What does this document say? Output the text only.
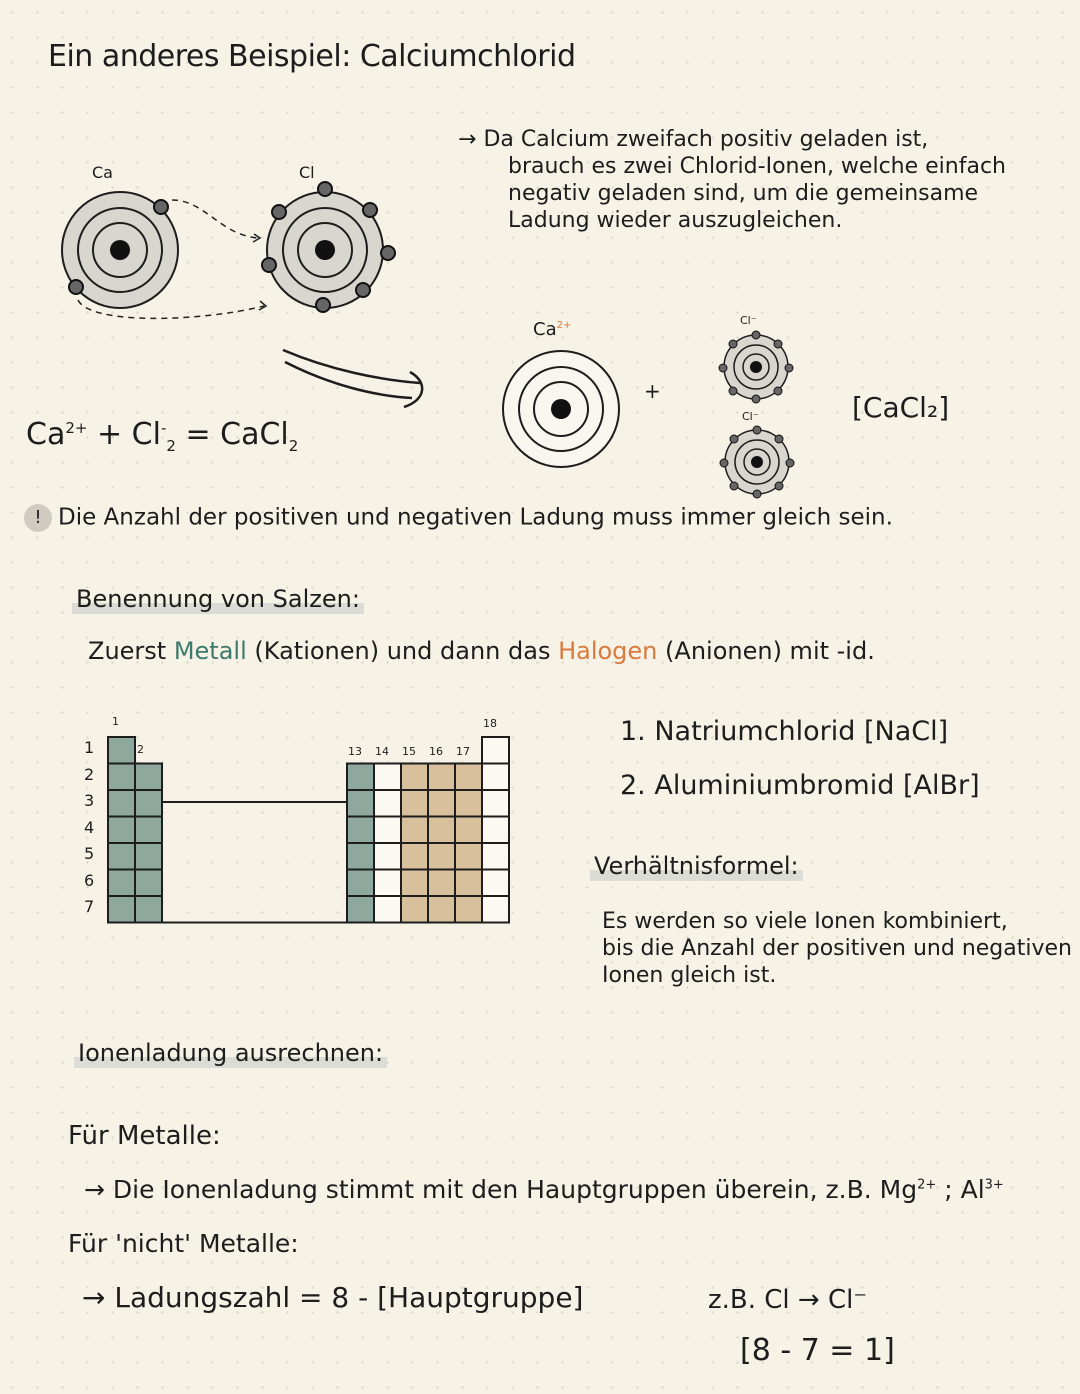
Ein anderes Beispiel: Calciumchlorid
Ca	Cl
→ Da Calcium zweifach positiv geladen ist,
brauch es zwei Chlorid-Ionen, welche einfach
negativ geladen sind, um die gemeinsame
Ladung wieder auszugleichen.
$Ca^{2+}$
+
Cl⁻
Cl⁻	[CaCl₂]
$Ca^{2+} + Cl^-_2$ = CaCl$_2$
! Die Anzahl der positiven und negativen Ladung muss immer gleich sein.
Benennung von Salzen:
Zuerst Metall (Kationen) und dann das Halogen (Anionen) mit -id.
1
2
3
4
5
6
7
1
2	13 14 15 16 17
18	1. Natriumchlorid [NaCl]
2. Aluminiumbromid [AlBr]
Verhältnisformel:
Es werden so viele Ionen kombiniert,
bis die Anzahl der positiven und negativen
Ionen gleich ist.
Ionenladung ausrechnen:
Für Metalle:
→ Die Ionenladung stimmt mit den Hauptgruppen überein, z.B. $Mg^{2+}$ ; $Al^{3+}$
Für 'nicht' Metalle:
→ Ladungszahl = 8 - [Hauptgruppe]	z.B. Cl → Cl⁻
[8 - 7 = 1]
